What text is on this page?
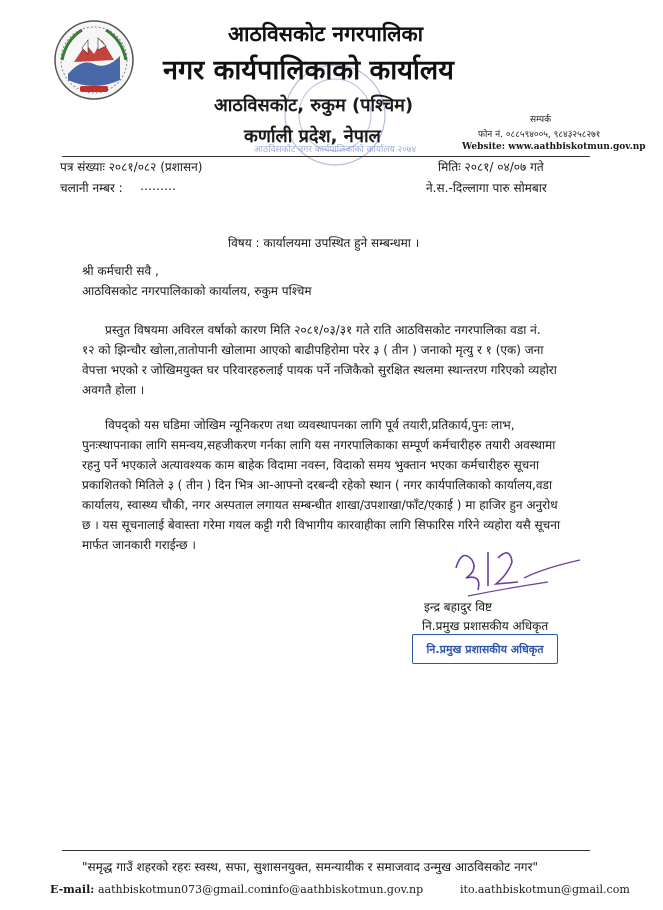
आठविसकोट नगर कार्यपालिकाको कार्यालय २०७४
आठविसकोट नगरपालिका
नगर कार्यपालिकाको कार्यालय
आठविसकोट, रुकुम (पश्चिम)
कर्णाली प्रदेश, नेपाल
सम्पर्क
फोन नं. ०८८५९४००५, ९८४३२५८२७१
Website: www.aathbiskotmun.gov.np
पत्र संख्याः २०८१/०८२ (प्रशासन)	मितिः २०८१/ ०४/०७ गते
चलानी नम्बर : ………	ने.स.-दिल्लागा पारु सोमबार
विषय : कार्यालयमा उपस्थित हुने सम्बन्धमा ।
श्री कर्मचारी सवै ,
आठविसकोट नगरपालिकाको कार्यालय, रुकुम पश्चिम
प्रस्तुत विषयमा अविरल वर्षाको कारण मिति २०८१/०३/३१ गते राति आठविसकोट नगरपालिका वडा नं.
१२ को झिन्चौर खोला,तातोपानी खोलामा आएको बाढीपहिरोमा परेर ३ ( तीन ) जनाको मृत्यु र १ (एक) जना
वेपत्ता भएको र जोखिमयुक्त घर परिवारहरुलाई पायक पर्ने नजिकैको सुरक्षित स्थलमा स्थान्तरण गरिएको व्यहोरा
अवगतै होला ।
विपद्को यस घडिमा जोखिम न्यूनिकरण तथा व्यवस्थापनका लागि पूर्व तयारी,प्रतिकार्य,पुनः लाभ,
पुनःस्थापनाका लागि समन्वय,सहजीकरण गर्नका लागि यस नगरपालिकाका सम्पूर्ण कर्मचारीहरु तयारी अवस्थामा
रहनु पर्ने भएकाले अत्यावश्यक काम बाहेक विदामा नवस्न, विदाको समय भुक्तान भएका कर्मचारीहरु सूचना
प्रकाशितको मितिले ३ ( तीन ) दिन भित्र आ-आफ्नो दरबन्दी रहेको स्थान ( नगर कार्यपालिकाको कार्यालय,वडा
कार्यालय, स्वास्थ्य चौकी, नगर अस्पताल लगायत सम्बन्धीत शाखा/उपशाखा/फाँट/एकाई ) मा हाजिर हुन अनुरोध
छ । यस सूचनालाई बेवास्ता गरेमा गयल कट्टी गरी विभागीय कारवाहीका लागि सिफारिस गरिने व्यहोरा यसै सूचना
मार्फत जानकारी गराईन्छ ।
इन्द्र बहादुर विष्ट
नि.प्रमुख प्रशासकीय अधिकृत
नि.प्रमुख प्रशासकीय अधिकृत
"समृद्ध गाउँ शहरको रहरः स्वस्थ, सफा, सुशासनयुक्त, समन्यायीक र समाजवाद उन्मुख आठविसकोट नगर"
E-mail: aathbiskotmun073@gmail.com
info@aathbiskotmun.gov.np	ito.aathbiskotmun@gmail.com
